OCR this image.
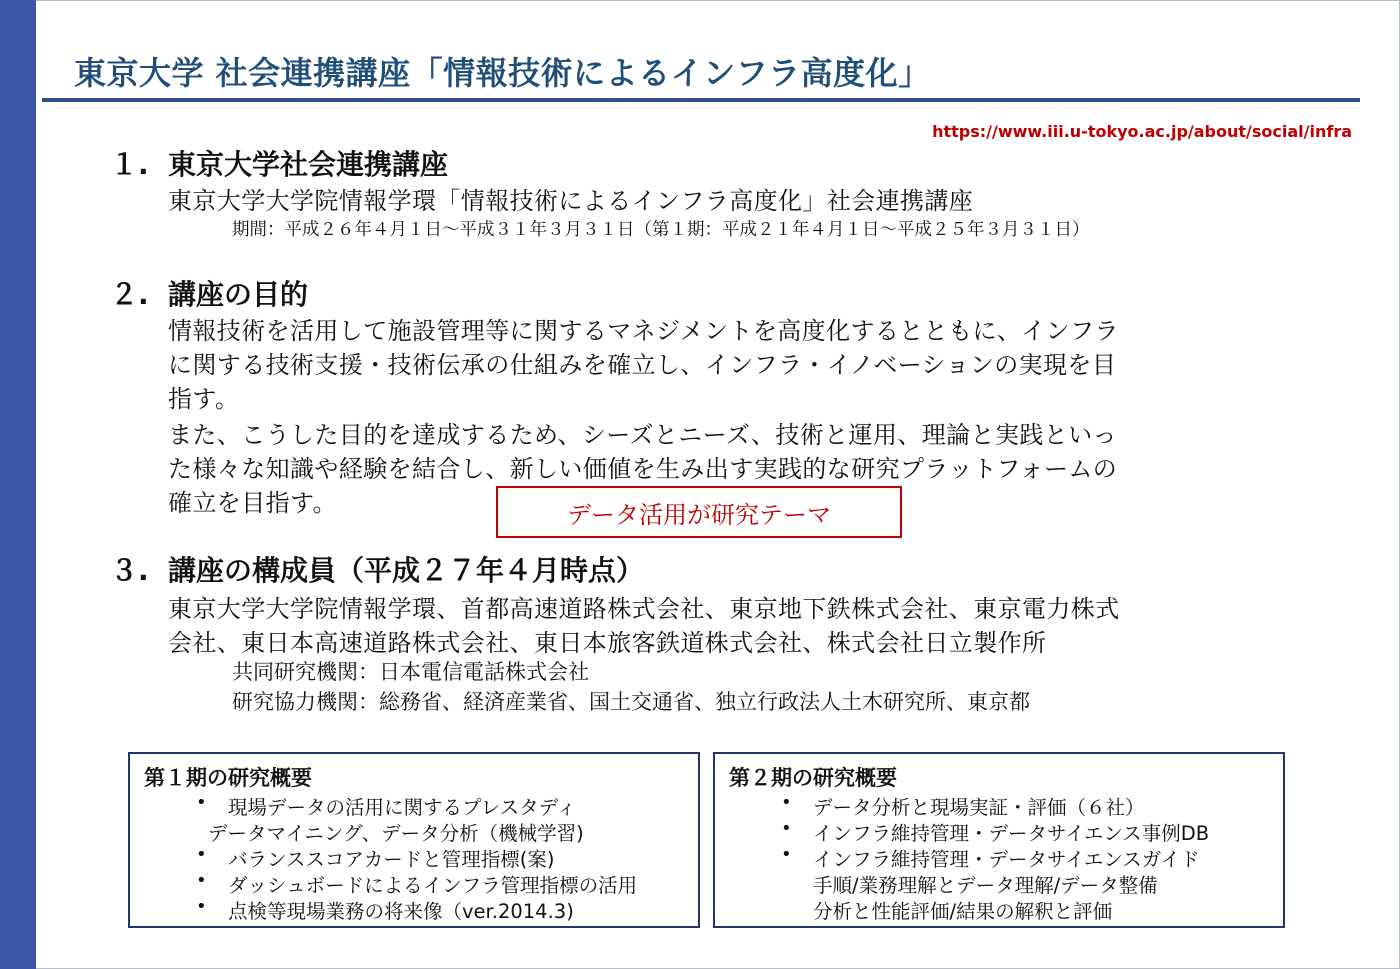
東京大学 社会連携講座「情報技術によるインフラ高度化」
https://www.iii.u-tokyo.ac.jp/about/social/infra
１. 東京大学社会連携講座
東京大学大学院情報学環「情報技術によるインフラ高度化」社会連携講座
期間：平成２６年４月１日～平成３１年３月３１日（第１期：平成２１年４月１日～平成２５年３月３１日）
２. 講座の目的
情報技術を活用して施設管理等に関するマネジメントを高度化するとともに、インフラ
に関する技術支援・技術伝承の仕組みを確立し、インフラ・イノベーションの実現を目
指す。
また、こうした目的を達成するため、シーズとニーズ、技術と運用、理論と実践といっ
た様々な知識や経験を結合し、新しい価値を生み出す実践的な研究プラットフォームの
確立を目指す。	データ活用が研究テーマ
３. 講座の構成員（平成２７年４月時点）
東京大学大学院情報学環、首都高速道路株式会社、東京地下鉄株式会社、東京電力株式
会社、東日本高速道路株式会社、東日本旅客鉄道株式会社、株式会社日立製作所
共同研究機関：日本電信電話株式会社
研究協力機関：総務省、経済産業省、国土交通省、独立行政法人土木研究所、東京都
第１期の研究概要
• 現場データの活用に関するプレスタディ
データマイニング、データ分析（機械学習)
• バランススコアカードと管理指標(案)
• ダッシュボードによるインフラ管理指標の活用
• 点検等現場業務の将来像（ver.2014.3)
第２期の研究概要
• データ分析と現場実証・評価（６社）
• インフラ維持管理・データサイエンス事例DB
• インフラ維持管理・データサイエンスガイド
手順/業務理解とデータ理解/データ整備
分析と性能評価/結果の解釈と評価
